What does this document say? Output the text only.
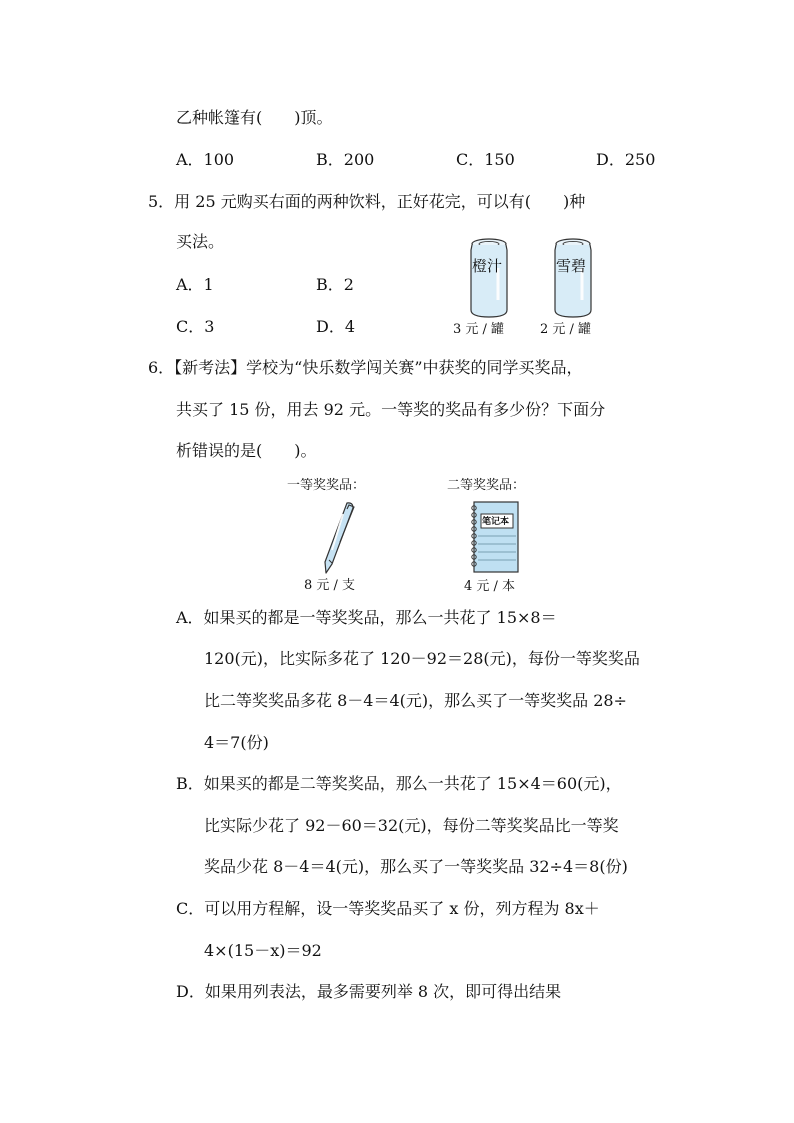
乙种帐篷有(　　)顶。
A．100	B．200	C．150	D．250
5．用 25 元购买右面的两种饮料，正好花完，可以有(　　)种
买法。
A．1	B．2
C．3	D．4
橙汁	雪碧
3 元 / 罐	2 元 / 罐
6．【新考法】学校为“快乐数学闯关赛”中获奖的同学买奖品，
共买了 15 份，用去 92 元。一等奖的奖品有多少份？下面分
析错误的是(　　)。
一等奖奖品：	二等奖奖品：
笔记本
8 元 / 支	4 元 / 本
A．如果买的都是一等奖奖品，那么一共花了 15×8＝
120(元)，比实际多花了 120－92＝28(元)，每份一等奖奖品
比二等奖奖品多花 8－4＝4(元)，那么买了一等奖奖品 28÷
4＝7(份)
B．如果买的都是二等奖奖品，那么一共花了 15×4＝60(元)，
比实际少花了 92－60＝32(元)，每份二等奖奖品比一等奖
奖品少花 8－4＝4(元)，那么买了一等奖奖品 32÷4＝8(份)
C．可以用方程解，设一等奖奖品买了 x 份，列方程为 8x＋
4×(15－x)＝92
D．如果用列表法，最多需要列举 8 次，即可得出结果
